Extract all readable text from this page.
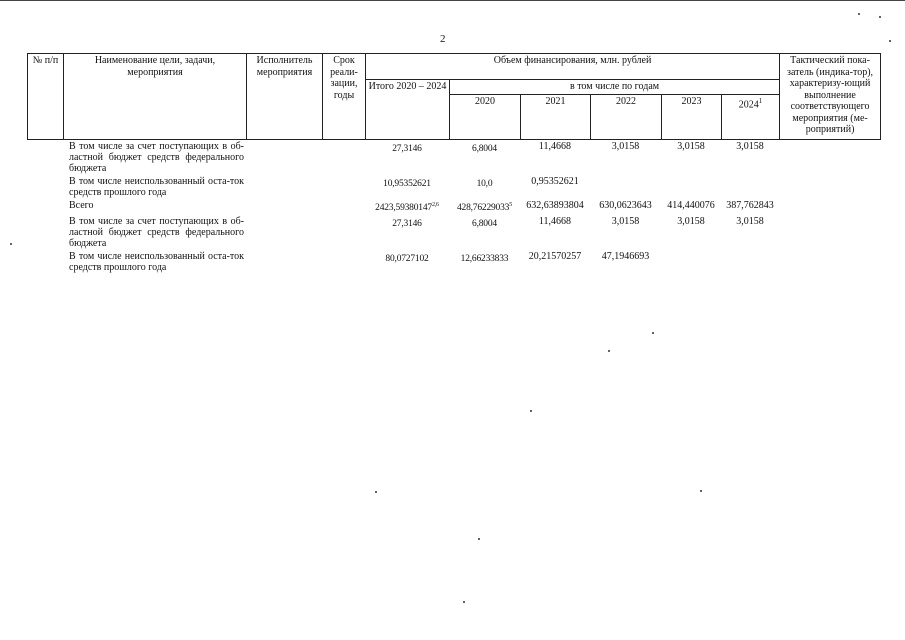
2
№ п/п	Наименование цели, задачи, мероприятия	Исполнитель мероприятия	Срок реали-зации, годы	Объем финансирования, млн. рублей						Тактический пока-затель (индика-тор), характеризу-ющий выполнение соответствующего мероприятия (ме-роприятий)
				Итого 2020 – 2024	в том числе по годам					
					2020	2021	2022	2023	2024$^1$
	В том числе за счет поступающих в об-ластной бюджет средств федерального бюджета			27,3146	6,8004	11,4668	3,0158	3,0158	3,0158	
	В том числе неиспользованный оста-ток средств прошлого года			10,95352621	10,0	0,95352621				
	Всего			2423,59380147$^{2,6}$	428,76229033$^5$	632,63893804	630,0623643	414,440076	387,762843	
	В том числе за счет поступающих в об-ластной бюджет средств федерального бюджета			27,3146	6,8004	11,4668	3,0158	3,0158	3,0158	
	В том числе неиспользованный оста-ток средств прошлого года			80,0727102	12,66233833	20,21570257	47,1946693			
